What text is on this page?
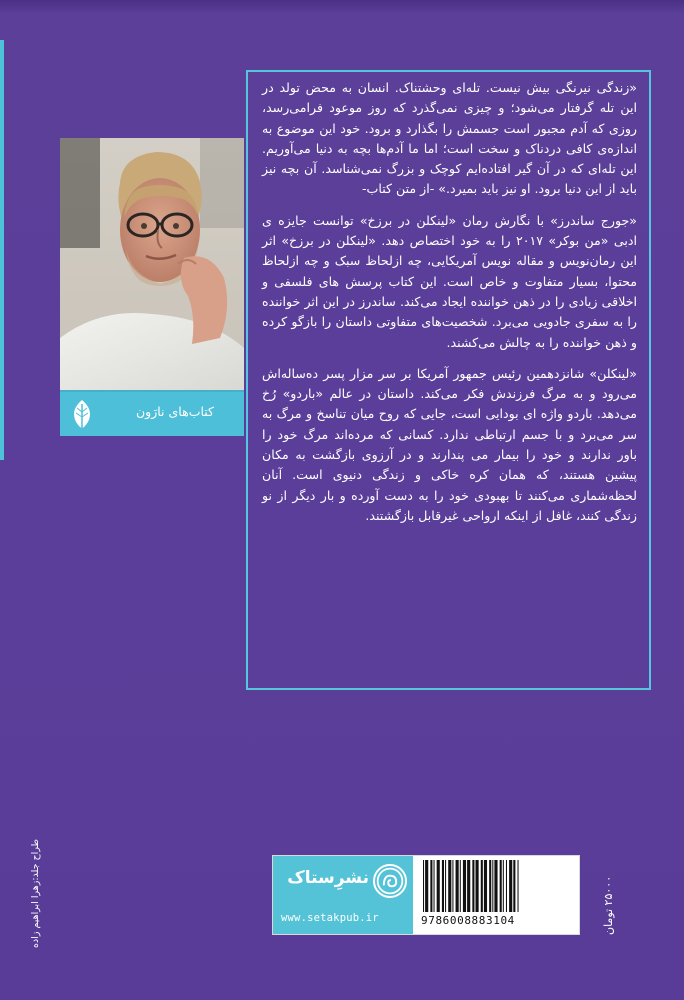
«زندگی نیرنگی بیش نیست. تله‌ای وحشتناک. انسان به محض تولد در این تله گرفتار می‌شود؛ و چیزی نمی‌گذرد که روز موعود فرامی‌رسد، روزی که آدم مجبور است جسمش را بگذارد و برود. خود این موضوع به اندازه‌ی کافی دردناک و سخت است؛ اما ما آدم‌ها بچه به دنیا می‌آوریم. این تله‌ای که در آن گیر افتاده‌ایم کوچک و بزرگ نمی‌شناسد. آن بچه نیز باید از این دنیا برود. او نیز باید بمیرد.» -از متن کتاب-

«جورج ساندرز» با نگارش رمان «لینکلن در برزخ» توانست جایزه ی ادبی «من بوکر» ۲۰۱۷ را به خود اختصاص دهد. «لینکلن در برزخ» اثر این رمان‌نویس و مقاله نویس آمریکایی، چه ازلحاظ سبک و چه ازلحاظ محتوا، بسیار متفاوت و خاص است. این کتاب پرسش های فلسفی و اخلاقی زیادی را در ذهن خواننده ایجاد می‌کند. ساندرز در این اثر خواننده را به سفری جادویی می‌برد. شخصیت‌های متفاوتی داستان را بازگو کرده و ذهن خواننده را به چالش می‌کشند.

«لینکلن» شانزدهمین رئیس جمهور آمریکا بر سر مزار پسر ده‌ساله‌اش می‌رود و به مرگ فرزندش فکر می‌کند. داستان در عالم «باردو» رُخ می‌دهد. باردو واژه ای بودایی است، جایی که روح میان تناسخ و مرگ به سر می‌برد و با جسم ارتباطی ندارد. کسانی که مرده‌اند مرگ خود را باور ندارند و خود را بیمار می پندارند و در آرزوی بازگشت به مکان پیشین هستند، که همان کره خاکی و زندگی دنیوی است. آنان لحظه‌شماری می‌کنند تا بهبودی خود را به دست آورده و بار دیگر از نو زندگی کنند، غافل از اینکه ارواحی غیرقابل بازگشتند.

کتاب‌های نارَون
نشرِستاک
www.setakpub.ir	9786008883104	۲۵۰۰۰ تومان
طراح جلد:زهرا ابراهیم زاده
